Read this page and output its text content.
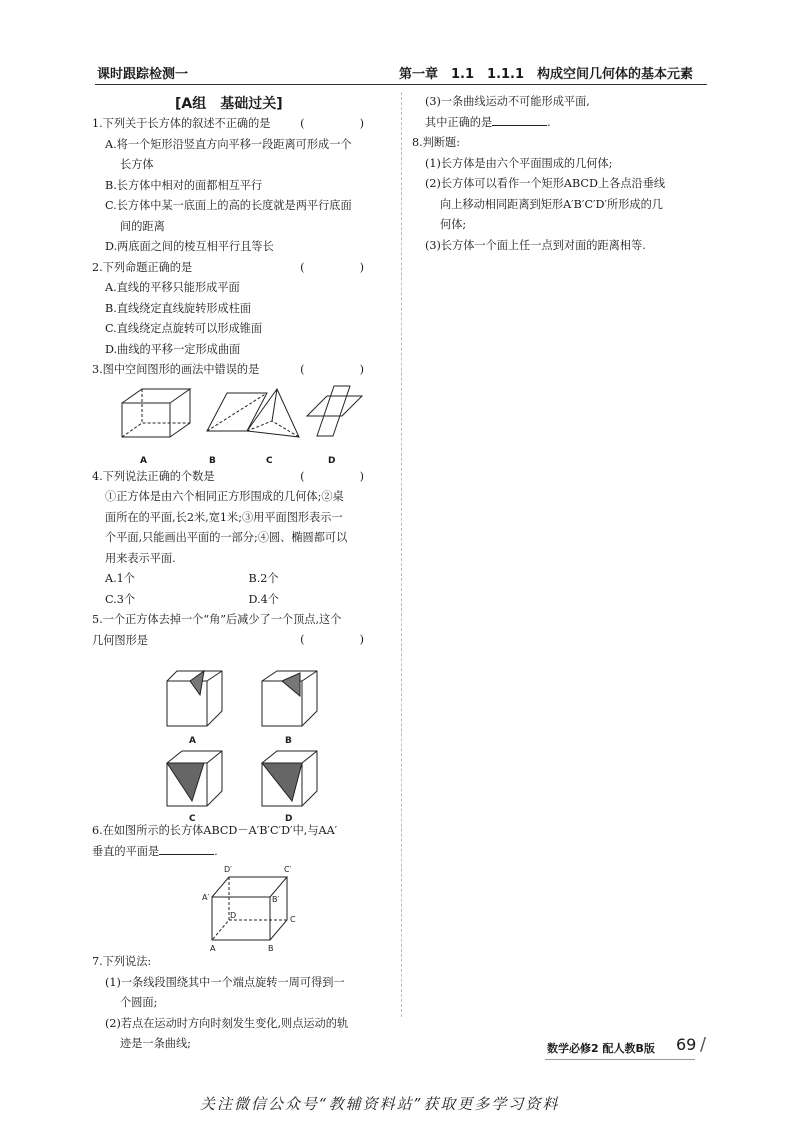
课时跟踪检测一	第一章　1.1　1.1.1　构成空间几何体的基本元素
[A组　基础过关]
1.下列关于长方体的叙述不正确的是	(　)
A.将一个矩形沿竖直方向平移一段距离可形成一个
长方体
B.长方体中相对的面都相互平行
C.长方体中某一底面上的高的长度就是两平行底面
间的距离
D.两底面之间的棱互相平行且等长
2.下列命题正确的是	(　)
A.直线的平移只能形成平面
B.直线绕定直线旋转形成柱面
C.直线绕定点旋转可以形成锥面
D.曲线的平移一定形成曲面
3.图中空间图形的画法中错误的是	(　)
A	B	C	D
4.下列说法正确的个数是	(　)
①正方体是由六个相同正方形围成的几何体;②桌
面所在的平面,长2米,宽1米;③用平面图形表示一
个平面,只能画出平面的一部分;④圆、椭圆都可以
用来表示平面.
A.1个	B.2个
C.3个	D.4个
5.一个正方体去掉一个“角”后减少了一个顶点,这个
几何图形是	(　)
A	B
C	D
6.在如图所示的长方体ABCD－A′B′C′D′中,与AA′
垂直的平面是	.
D′	C′
A′	B′
D	C
A	B
7.下列说法:
(1)一条线段围绕其中一个端点旋转一周可得到一
个圆面;
(2)若点在运动时方向时刻发生变化,则点运动的轨
迹是一条曲线;
(3)一条曲线运动不可能形成平面,
其中正确的是	.
8.判断题:
(1)长方体是由六个平面围成的几何体;
(2)长方体可以看作一个矩形ABCD上各点沿垂线
向上移动相同距离到矩形A′B′C′D′所形成的几
何体;
(3)长方体一个面上任一点到对面的距离相等.
数学必修2 配人教B版 69 /
关注微信公众号“教辅资料站”获取更多学习资料
